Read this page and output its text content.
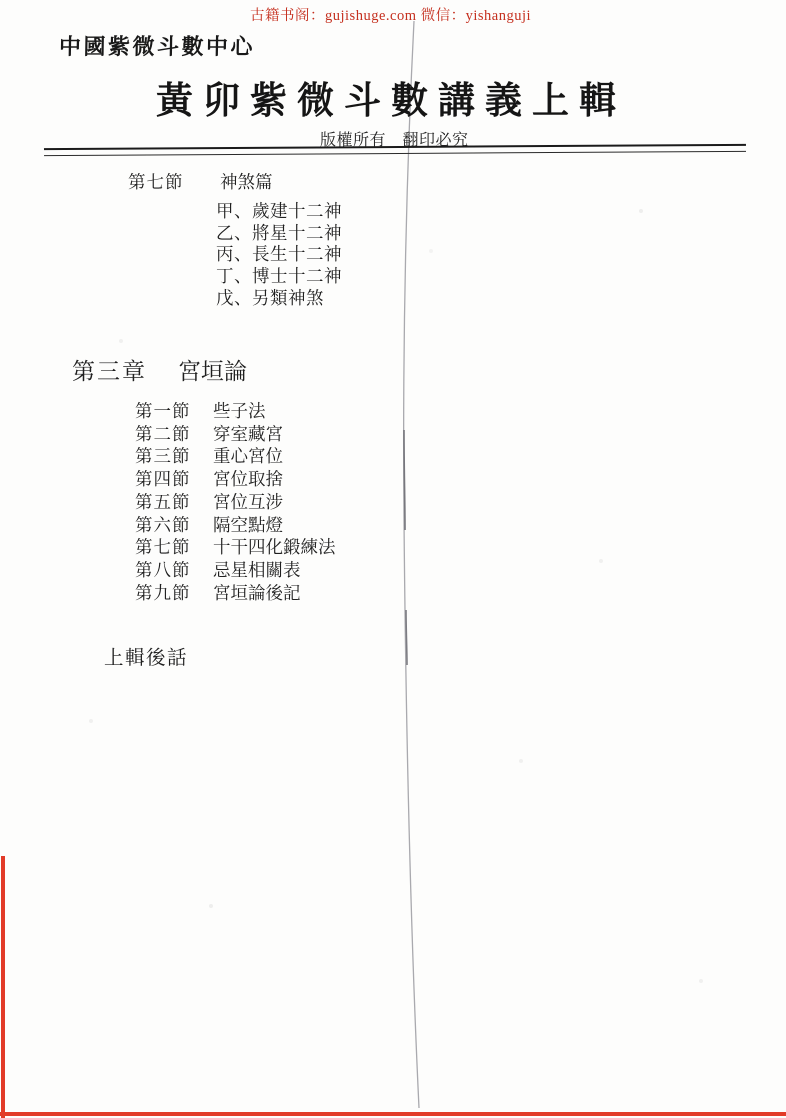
古籍书阁：gujishuge.com 微信：yishanguji
中國紫微斗數中心
黃卯紫微斗數講義上輯
版權所有　翻印必究
第七節	神煞篇
甲、歲建十二神
乙、將星十二神
丙、長生十二神
丁、博士十二神
戊、另類神煞
第三章	宮垣論
第一節 些子法
第二節 穿室藏宮
第三節 重心宮位
第四節 宮位取捨
第五節 宮位互涉
第六節 隔空點燈
第七節 十干四化鍛練法
第八節 忌星相關表
第九節 宮垣論後記
上輯後話
